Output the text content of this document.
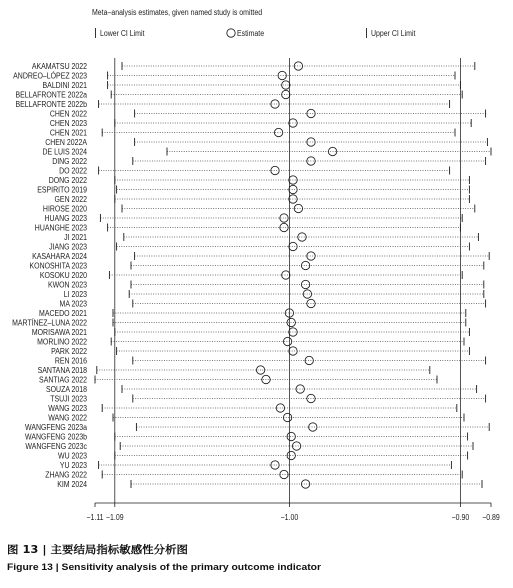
Meta–analysis estimates, given named study is omitted
Lower CI Limit	Estimate	Upper CI Limit
AKAMATSU 2022
ANDREO–LÓPEZ 2023
BALDINI 2021
BELLAFRONTE 2022a
BELLAFRONTE 2022b
CHEN 2022
CHEN 2023
CHEN 2021
CHEN 2022A
DE LUIS 2024
DING 2022
DO 2022
DONG 2022
ESPIRITO 2019
GEN 2022
HIROSE 2020
HUANG 2023
HUANGHE 2023
JI 2021
JIANG 2023
KASAHARA 2024
KONOSHITA 2023
KOSOKU 2020
KWON 2023
LI 2023
MA 2023
MACEDO 2021
MARTÍNEZ–LUNA 2022
MORISAWA 2021
MORLINO 2022
PARK 2022
REN 2016
SANTANA 2018
SANTIAG 2022
SOUZA 2018
TSUJI 2023
WANG 2023
WANG 2022
WANGFENG 2023a
WANGFENG 2023b
WANGFENG 2023c
WU 2023
YU 2023
ZHANG 2022
KIM 2024
−1.11 −1.09	−1.00	−0.90 −0.89
图 13 | 主要结局指标敏感性分析图
Figure 13 | Sensitivity analysis of the primary outcome indicator
